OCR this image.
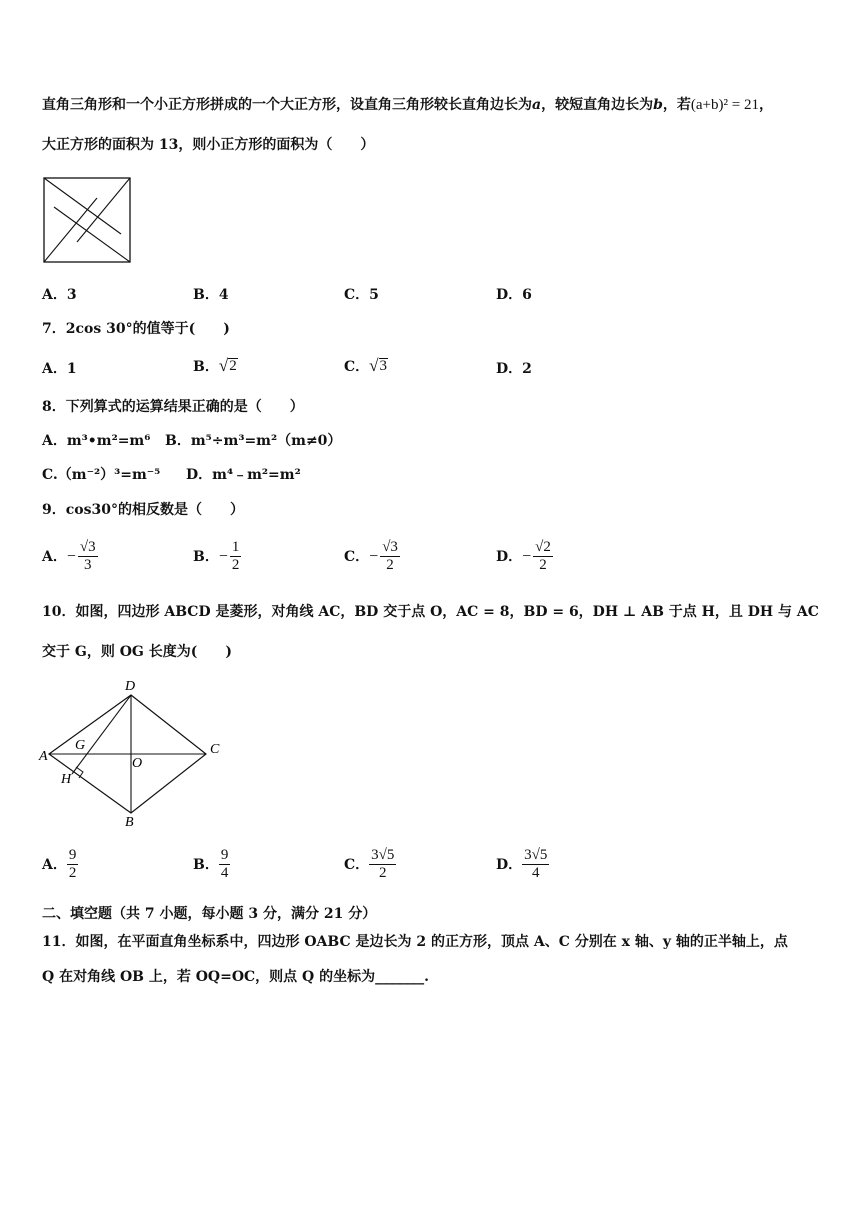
直角三角形和一个小正方形拼成的一个大正方形，设直角三角形较长直角边长为a，较短直角边长为b，若(a+b)² = 21，
大正方形的面积为 13，则小正方形的面积为（　　）
A．3	B．4	C．5	D．6
7．2cos 30°的值等于(　　)
A．1	B． √ 2	C． √ 3	D．2
8．下列算式的运算结果正确的是（　　）
A．m³•m²=m⁶ B．m⁵÷m³=m²（m≠0）
C.（m⁻²）³=m⁻⁵ D．m⁴﹣m²=m²
9．cos30°的相反数是（　　）
A． − $\frac{√3}{3}$	B． − $\frac{1}{2}$	C． − $\frac{√3}{2}$	D． − $\frac{√2}{2}$
10．如图，四边形 ABCD 是菱形，对角线 AC，BD 交于点 O，AC = 8，BD = 6，DH ⊥ AB 于点 H，且 DH 与 AC
交于 G，则 OG 长度为(　　)
D
A
G
O
C
H
B
A． $\frac{9}{2}$	B． $\frac{9}{4}$	C． $\frac{3√5}{2}$	D． $\frac{3√5}{4}$
二、填空题（共 7 小题，每小题 3 分，满分 21 分）
11．如图，在平面直角坐标系中，四边形 OABC 是边长为 2 的正方形，顶点 A、C 分别在 x 轴、y 轴的正半轴上，点
Q 在对角线 OB 上，若 OQ=OC，则点 Q 的坐标为_______.
